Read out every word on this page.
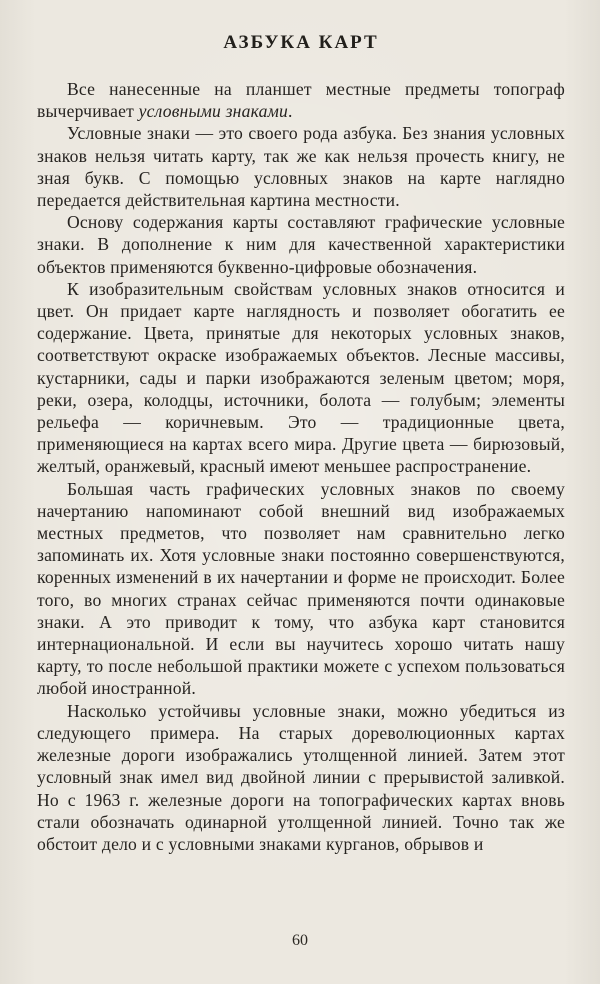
АЗБУКА КАРТ

Все нанесенные на планшет местные предметы топограф вычерчивает условными знаками.

Условные знаки — это своего рода азбука. Без знания условных знаков нельзя читать карту, так же как нельзя прочесть книгу, не зная букв. С помощью условных знаков на карте наглядно передается действительная картина местности.

Основу содержания карты составляют графические условные знаки. В дополнение к ним для качественной характеристики объектов применяются буквенно-цифровые обозначения.

К изобразительным свойствам условных знаков относится и цвет. Он придает карте наглядность и позволяет обогатить ее содержание. Цвета, принятые для некоторых условных знаков, соответствуют окраске изображаемых объектов. Лесные массивы, кустарники, сады и парки изображаются зеленым цветом; моря, реки, озера, колодцы, источники, болота — голубым; элементы рельефа — коричневым. Это — традиционные цвета, применяющиеся на картах всего мира. Другие цвета — бирюзовый, желтый, оранжевый, красный имеют меньшее распространение.

Большая часть графических условных знаков по своему начертанию напоминают собой внешний вид изображаемых местных предметов, что позволяет нам сравнительно легко запоминать их. Хотя условные знаки постоянно совершенствуются, коренных изменений в их начертании и форме не происходит. Более того, во многих странах сейчас применяются почти одинаковые знаки. А это приводит к тому, что азбука карт становится интернациональной. И если вы научитесь хорошо читать нашу карту, то после небольшой практики можете с успехом пользоваться любой иностранной.

Насколько устойчивы условные знаки, можно убедиться из следующего примера. На старых дореволюционных картах железные дороги изображались утолщенной линией. Затем этот условный знак имел вид двойной линии с прерывистой заливкой. Но с 1963 г. железные дороги на топографических картах вновь стали обозначать одинарной утолщенной линией. Точно так же обстоит дело и с условными знаками курганов, обрывов и

60
